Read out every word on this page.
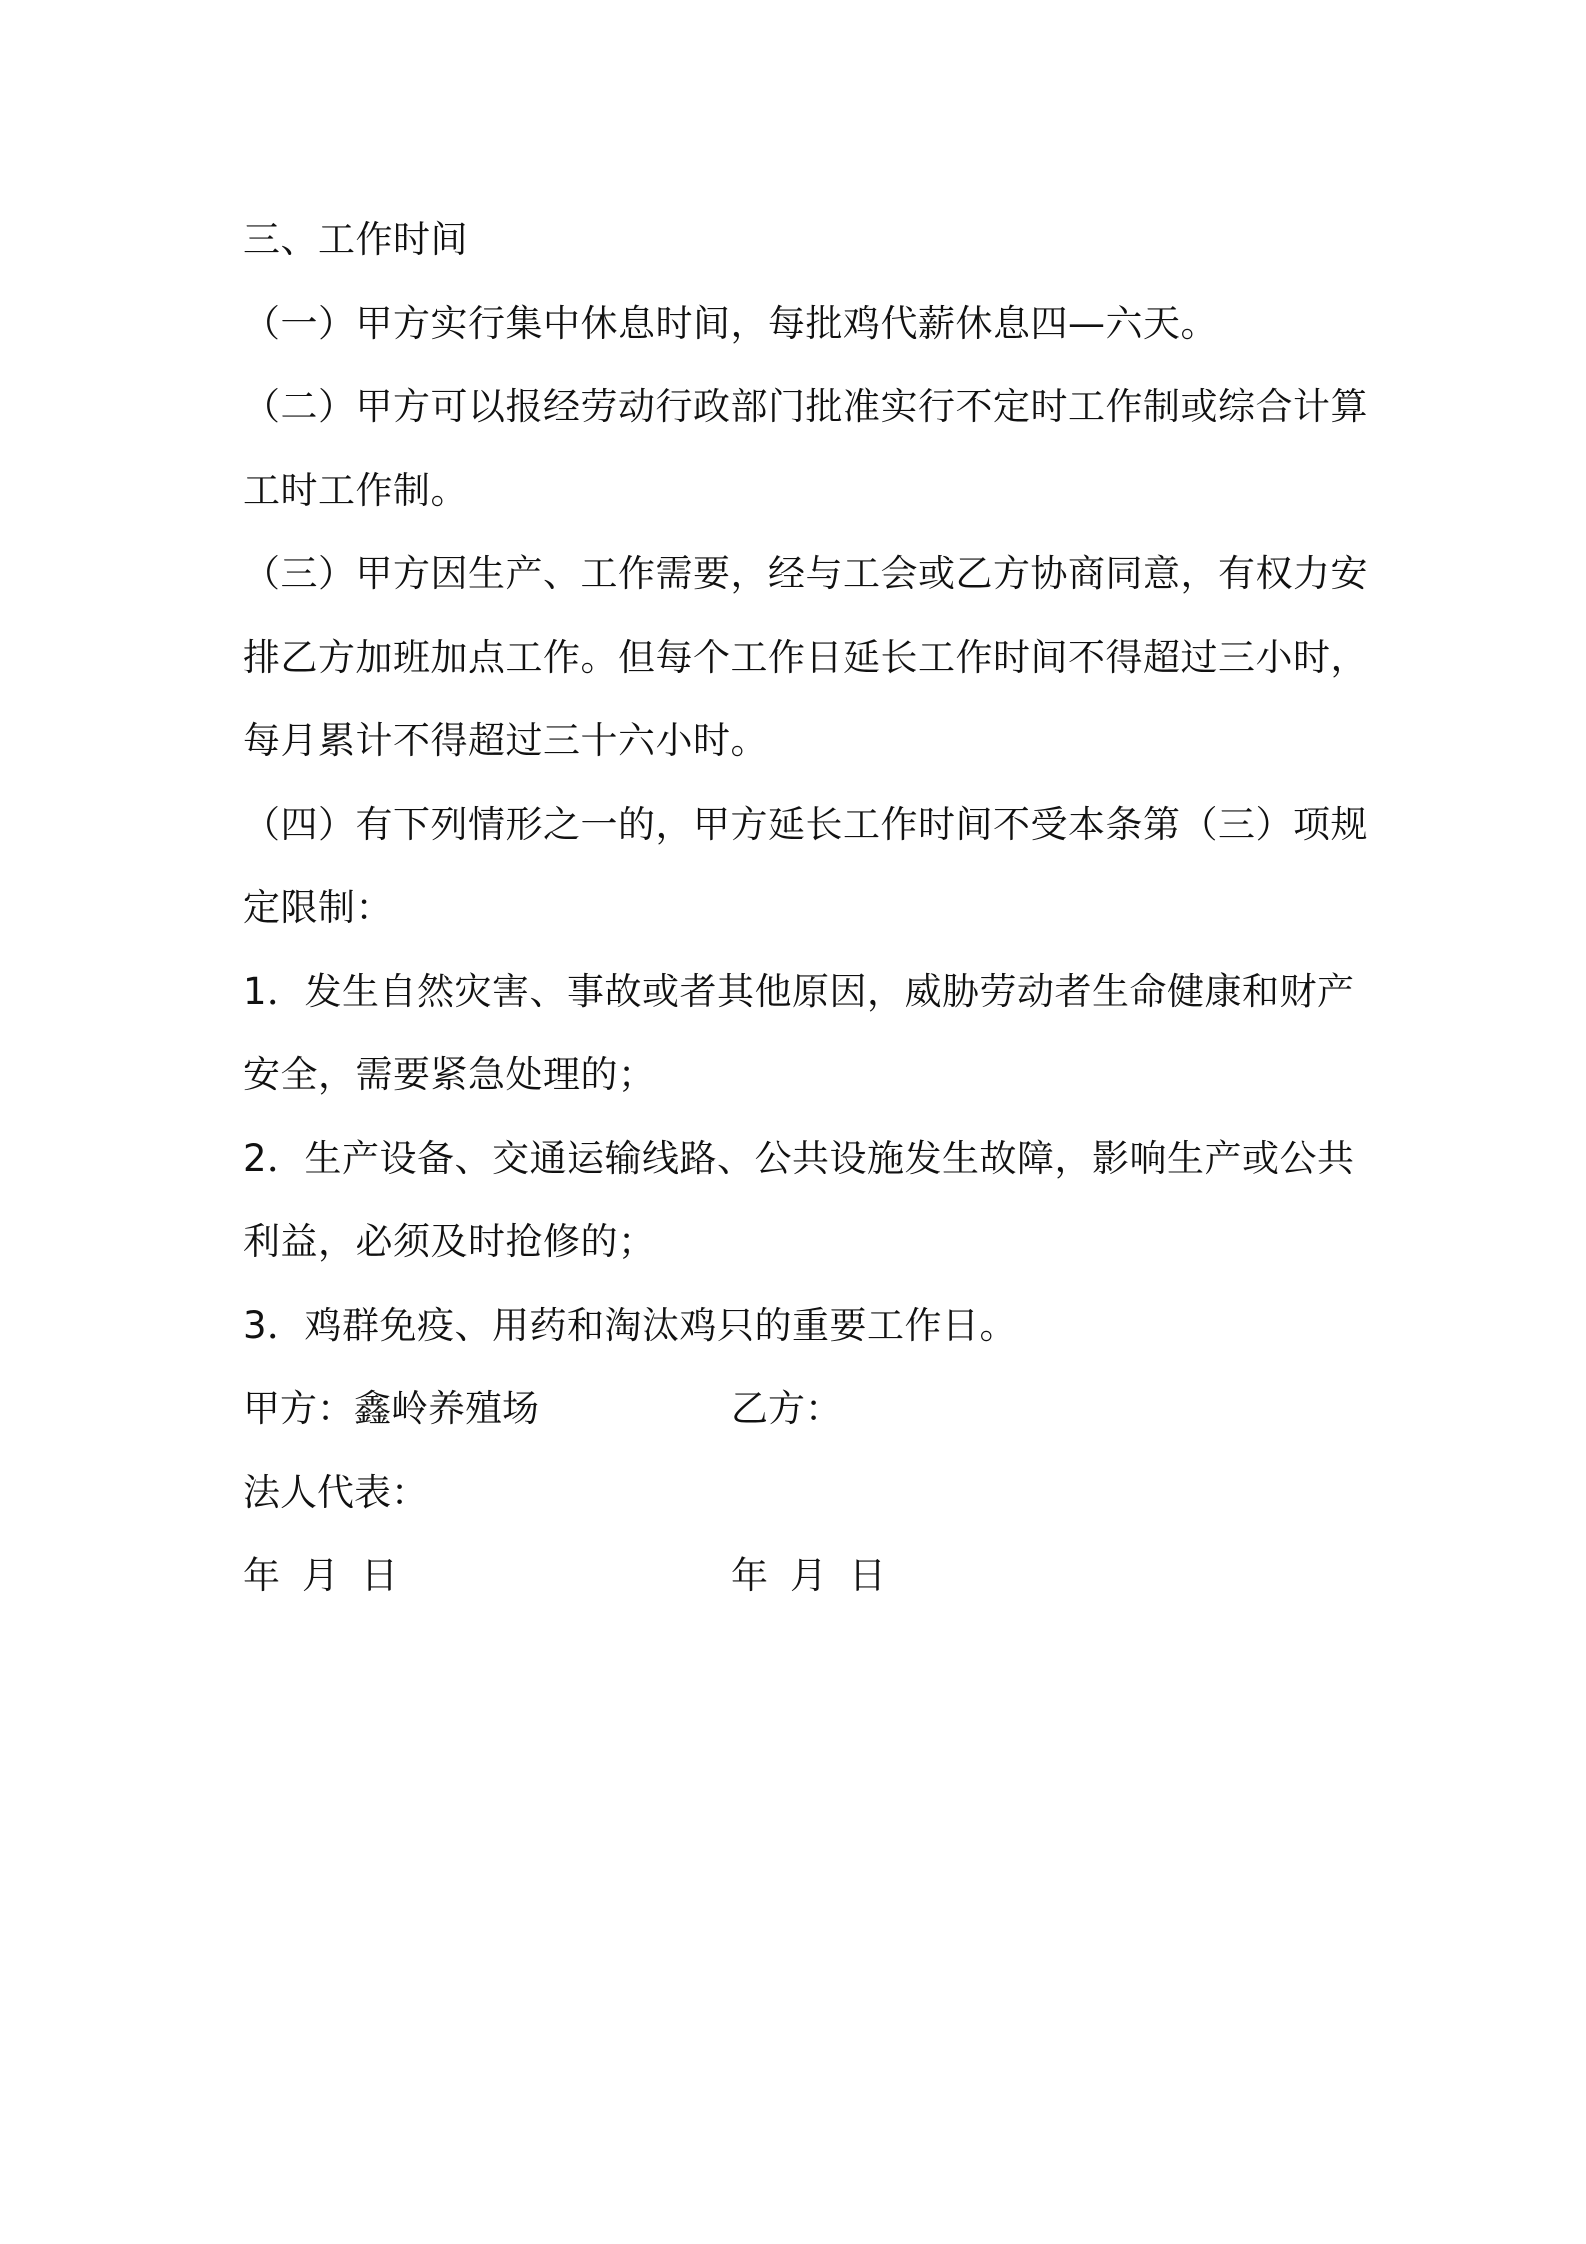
三、工作时间
（一）甲方实行集中休息时间，每批鸡代薪休息四—六天。
（二）甲方可以报经劳动行政部门批准实行不定时工作制或综合计算
工时工作制。
（三）甲方因生产、工作需要，经与工会或乙方协商同意，有权力安
排乙方加班加点工作。但每个工作日延长工作时间不得超过三小时，
每月累计不得超过三十六小时。
（四）有下列情形之一的，甲方延长工作时间不受本条第（三）项规
定限制：
1．发生自然灾害、事故或者其他原因，威胁劳动者生命健康和财产
安全，需要紧急处理的；
2．生产设备、交通运输线路、公共设施发生故障，影响生产或公共
利益，必须及时抢修的；
3．鸡群免疫、用药和淘汰鸡只的重要工作日。
甲方：鑫岭养殖场	乙方：
法人代表：
年 月 日	年 月 日
